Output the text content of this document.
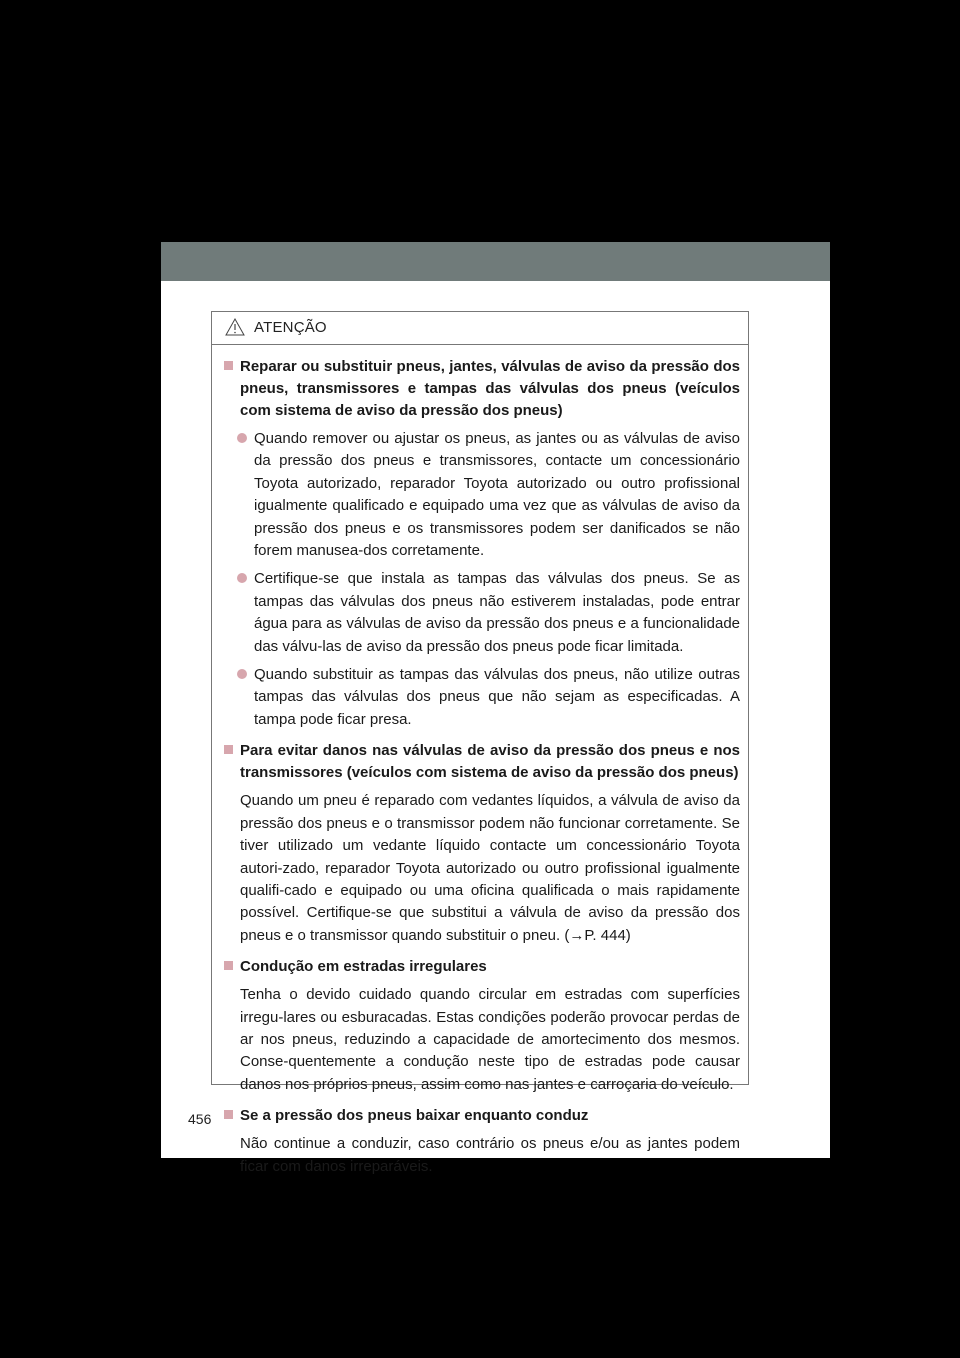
ATENÇÃO
Reparar ou substituir pneus, jantes, válvulas de aviso da pressão dos pneus, transmissores e tampas das válvulas dos pneus (veículos com sistema de aviso da pressão dos pneus)
Quando remover ou ajustar os pneus, as jantes ou as válvulas de aviso da pressão dos pneus e transmissores, contacte um concessionário Toyota autorizado, reparador Toyota autorizado ou outro profissional igualmente qualificado e equipado uma vez que as válvulas de aviso da pressão dos pneus e os transmissores podem ser danificados se não forem manusea-dos corretamente.
Certifique-se que instala as tampas das válvulas dos pneus. Se as tampas das válvulas dos pneus não estiverem instaladas, pode entrar água para as válvulas de aviso da pressão dos pneus e a funcionalidade das válvu-las de aviso da pressão dos pneus pode ficar limitada.
Quando substituir as tampas das válvulas dos pneus, não utilize outras tampas das válvulas dos pneus que não sejam as especificadas. A tampa pode ficar presa.
Para evitar danos nas válvulas de aviso da pressão dos pneus e nos transmissores (veículos com sistema de aviso da pressão dos pneus)
Quando um pneu é reparado com vedantes líquidos, a válvula de aviso da pressão dos pneus e o transmissor podem não funcionar corretamente. Se tiver utilizado um vedante líquido contacte um concessionário Toyota autori-zado, reparador Toyota autorizado ou outro profissional igualmente qualifi-cado e equipado ou uma oficina qualificada o mais rapidamente possível. Certifique-se que substitui a válvula de aviso da pressão dos pneus e o transmissor quando substituir o pneu. (→P. 444)
Condução em estradas irregulares
Tenha o devido cuidado quando circular em estradas com superfícies irregu-lares ou esburacadas. Estas condições poderão provocar perdas de ar nos pneus, reduzindo a capacidade de amortecimento dos mesmos. Conse-quentemente a condução neste tipo de estradas pode causar danos nos próprios pneus, assim como nas jantes e carroçaria do veículo.
Se a pressão dos pneus baixar enquanto conduz
Não continue a conduzir, caso contrário os pneus e/ou as jantes podem ficar com danos irreparáveis.
456
